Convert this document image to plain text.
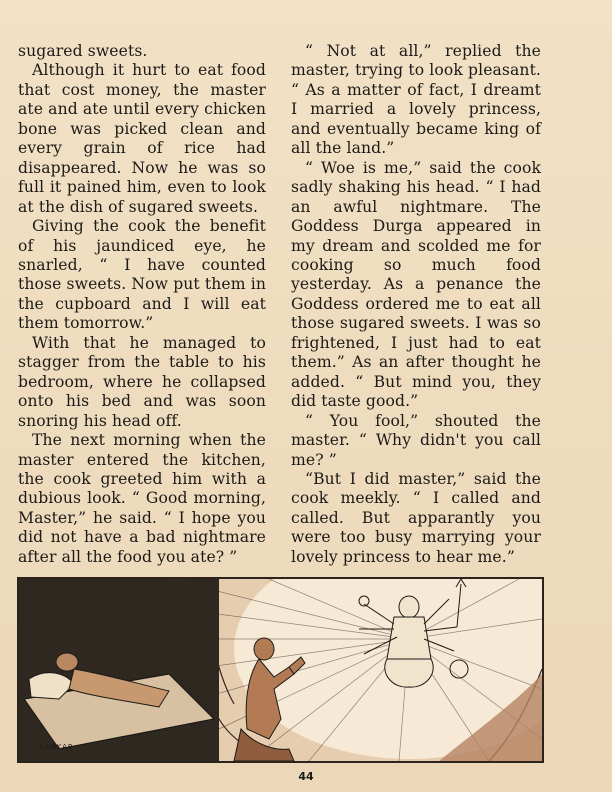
sugared sweets.

Although it hurt to eat food that cost money, the master ate and ate until every chicken bone was picked clean and every grain of rice had disappeared. Now he was so full it pained him, even to look at the dish of sugared sweets.

Giving the cook the benefit of his jaundiced eye, he snarled, “ I have counted those sweets. Now put them in the cupboard and I will eat them tomorrow.”

With that he managed to stagger from the table to his bedroom, where he collapsed onto his bed and was soon snoring his head off.

The next morning when the master entered the kitchen, the cook greeted him with a dubious look. “ Good morning, Master,” he said. “ I hope you did not have a bad nightmare after all the food you ate? ”

“ Not at all,” replied the master, trying to look pleasant. “ As a matter of fact, I dreamt I married a lovely princess, and eventually became king of all the land.”

“ Woe is me,” said the cook sadly shaking his head. “ I had an awful nightmare. The Goddess Durga appeared in my dream and scolded me for cooking so much food yesterday. As a penance the Goddess ordered me to eat all those sugared sweets. I was so frightened, I just had to eat them.” As an after thought he added. “ But mind you, they did taste good.”

“ You fool,” shouted the master. “ Why didn't you call me? ”

“But I did master,” said the cook meekly. “ I called and called. But apparantly you were too busy marrying your lovely princess to hear me.”

SANKAR
44
